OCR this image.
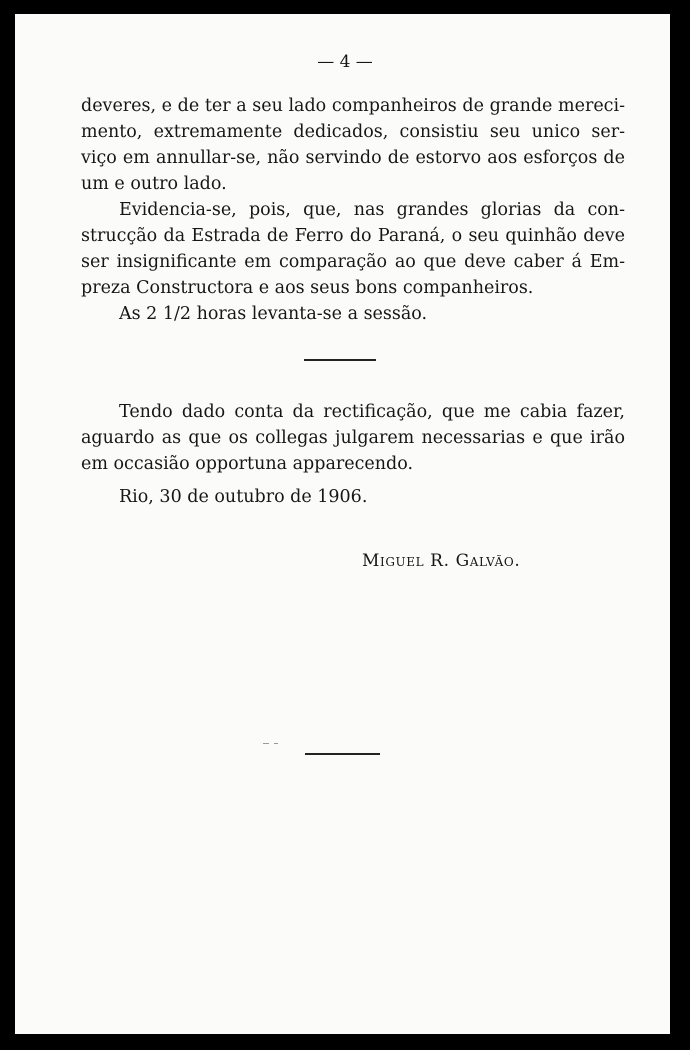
— 4 —
deveres, e de ter a seu lado companheiros de grande mereci-
mento, extremamente dedicados, consistiu seu unico ser-
viço em annullar-se, não servindo de estorvo aos esforços de
um e outro lado.
Evidencia-se, pois, que, nas grandes glorias da con-
strucção da Estrada de Ferro do Paraná, o seu quinhão deve
ser insignificante em comparação ao que deve caber á Em-
preza Constructora e aos seus bons companheiros.
As 2 1/2 horas levanta-se a sessão.
Tendo dado conta da rectificação, que me cabia fazer,
aguardo as que os collegas julgarem necessarias e que irão
em occasião opportuna apparecendo.
Rio, 30 de outubro de 1906.
Miguel R. Galvão.
